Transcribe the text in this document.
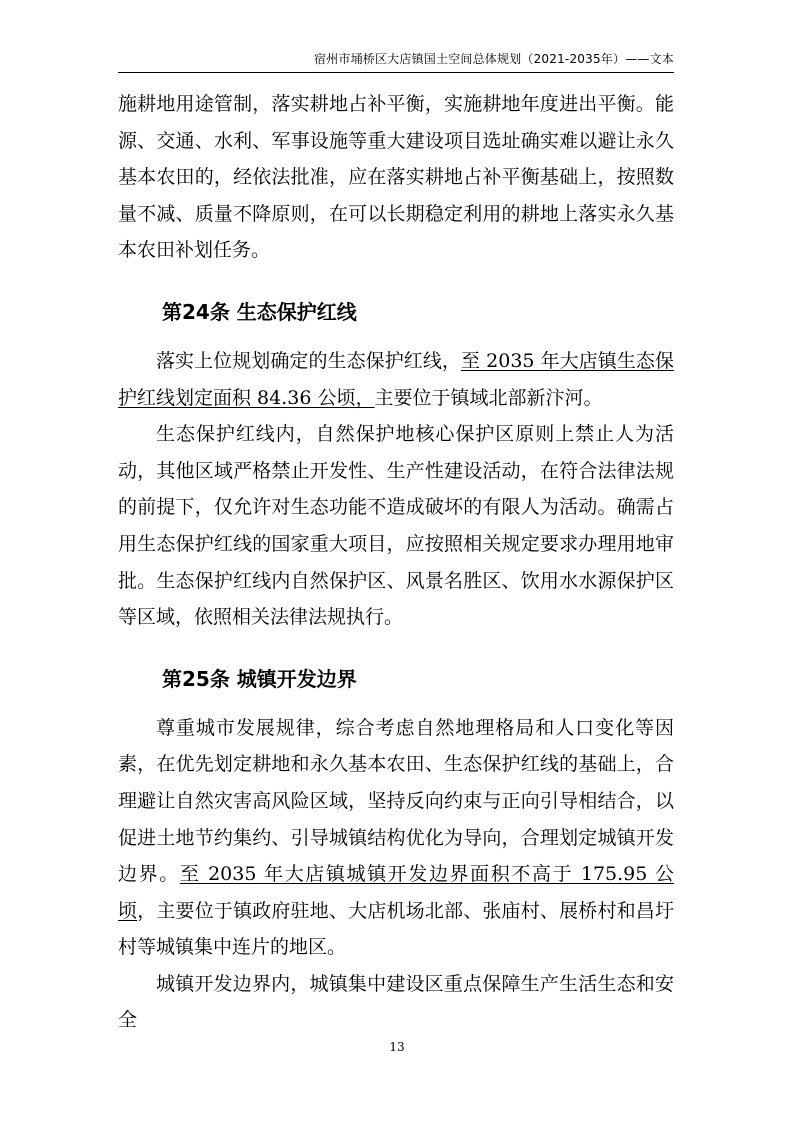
宿州市埇桥区大店镇国土空间总体规划（2021-2035年）——文本

施耕地用途管制，落实耕地占补平衡，实施耕地年度进出平衡。能源、交通、水利、军事设施等重大建设项目选址确实难以避让永久基本农田的，经依法批准，应在落实耕地占补平衡基础上，按照数量不减、质量不降原则，在可以长期稳定利用的耕地上落实永久基本农田补划任务。

第24条 生态保护红线

落实上位规划确定的生态保护红线，至 2035 年大店镇生态保护红线划定面积 84.36 公顷，主要位于镇域北部新汴河。

生态保护红线内，自然保护地核心保护区原则上禁止人为活动，其他区域严格禁止开发性、生产性建设活动，在符合法律法规的前提下，仅允许对生态功能不造成破坏的有限人为活动。确需占用生态保护红线的国家重大项目，应按照相关规定要求办理用地审批。生态保护红线内自然保护区、风景名胜区、饮用水水源保护区等区域，依照相关法律法规执行。

第25条 城镇开发边界

尊重城市发展规律，综合考虑自然地理格局和人口变化等因素，在优先划定耕地和永久基本农田、生态保护红线的基础上，合理避让自然灾害高风险区域，坚持反向约束与正向引导相结合，以促进土地节约集约、引导城镇结构优化为导向，合理划定城镇开发边界。至 2035 年大店镇城镇开发边界面积不高于 175.95 公顷，主要位于镇政府驻地、大店机场北部、张庙村、展桥村和昌圩村等城镇集中连片的地区。

城镇开发边界内，城镇集中建设区重点保障生产生活生态和安全

13
